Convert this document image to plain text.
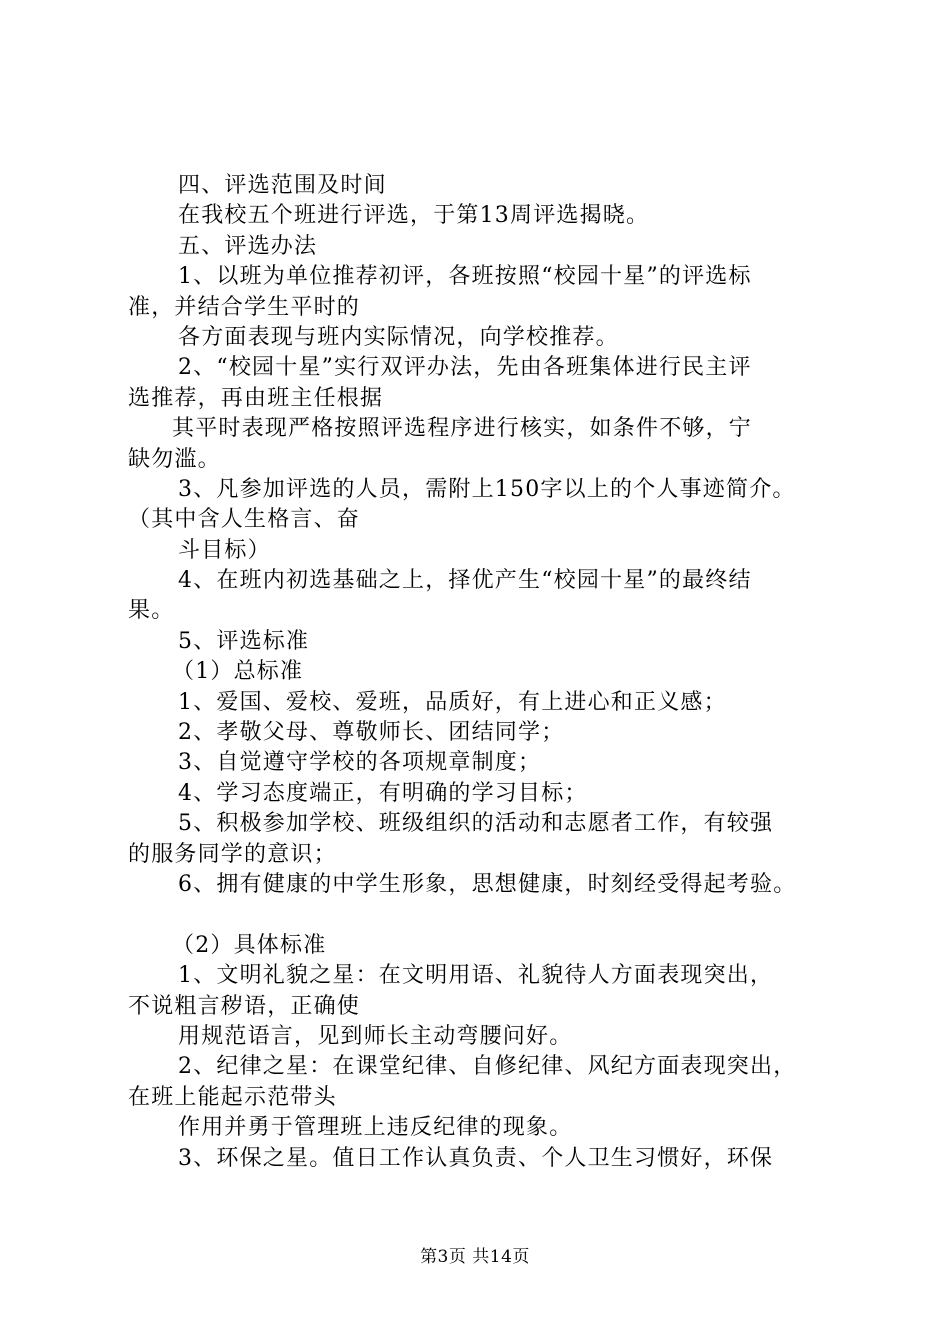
四、评选范围及时间
在我校五个班进行评选，于第13周评选揭晓。
五、评选办法
1、以班为单位推荐初评，各班按照“校园十星”的评选标
准，并结合学生平时的
各方面表现与班内实际情况，向学校推荐。
2、“校园十星”实行双评办法，先由各班集体进行民主评
选推荐，再由班主任根据
其平时表现严格按照评选程序进行核实，如条件不够，宁
缺勿滥。
3、凡参加评选的人员，需附上150字以上的个人事迹简介。
（其中含人生格言、奋
斗目标）
4、在班内初选基础之上，择优产生“校园十星”的最终结
果。
5、评选标准
（1）总标准
1、爱国、爱校、爱班，品质好，有上进心和正义感；
2、孝敬父母、尊敬师长、团结同学；
3、自觉遵守学校的各项规章制度；
4、学习态度端正，有明确的学习目标；
5、积极参加学校、班级组织的活动和志愿者工作，有较强
的服务同学的意识；
6、拥有健康的中学生形象，思想健康，时刻经受得起考验。
（2）具体标准
1、文明礼貌之星：在文明用语、礼貌待人方面表现突出，
不说粗言秽语，正确使
用规范语言，见到师长主动弯腰问好。
2、纪律之星：在课堂纪律、自修纪律、风纪方面表现突出，
在班上能起示范带头
作用并勇于管理班上违反纪律的现象。
3、环保之星。值日工作认真负责、个人卫生习惯好，环保
第3页 共14页
